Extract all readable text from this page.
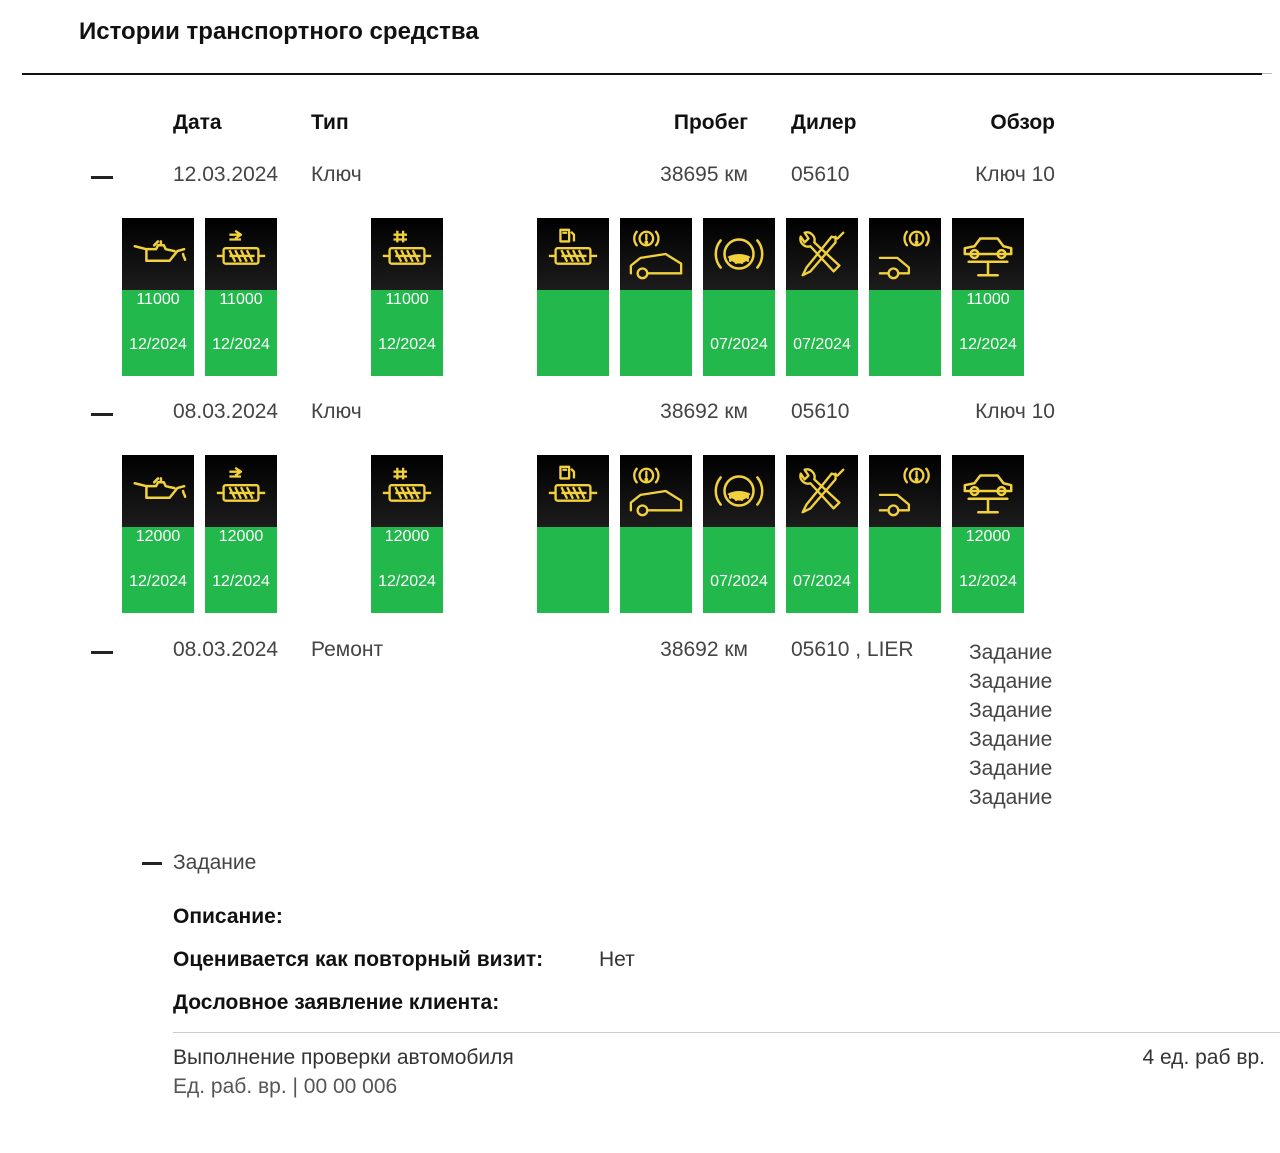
Истории транспортного средства
Дата	Тип	Пробег Дилер	Обзор
12.03.2024 Ключ	38695 км 05610	Ключ 10
11000
12/2024
11000
12/2024
11000
12/2024	07/2024	07/2024
11000
12/2024
08.03.2024 Ключ	38692 км 05610	Ключ 10
12000
12/2024
12000
12/2024
12000
12/2024	07/2024	07/2024
12000
12/2024
08.03.2024 Ремонт	38692 км 05610 , LIER	Задание
Задание
Задание
Задание
Задание
Задание
Задание
Описание:
Оценивается как повторный визит:	Нет
Дословное заявление клиента:
Выполнение проверки автомобиля
Ед. раб. вр. | 00 00 006
4 ед. раб вр.
